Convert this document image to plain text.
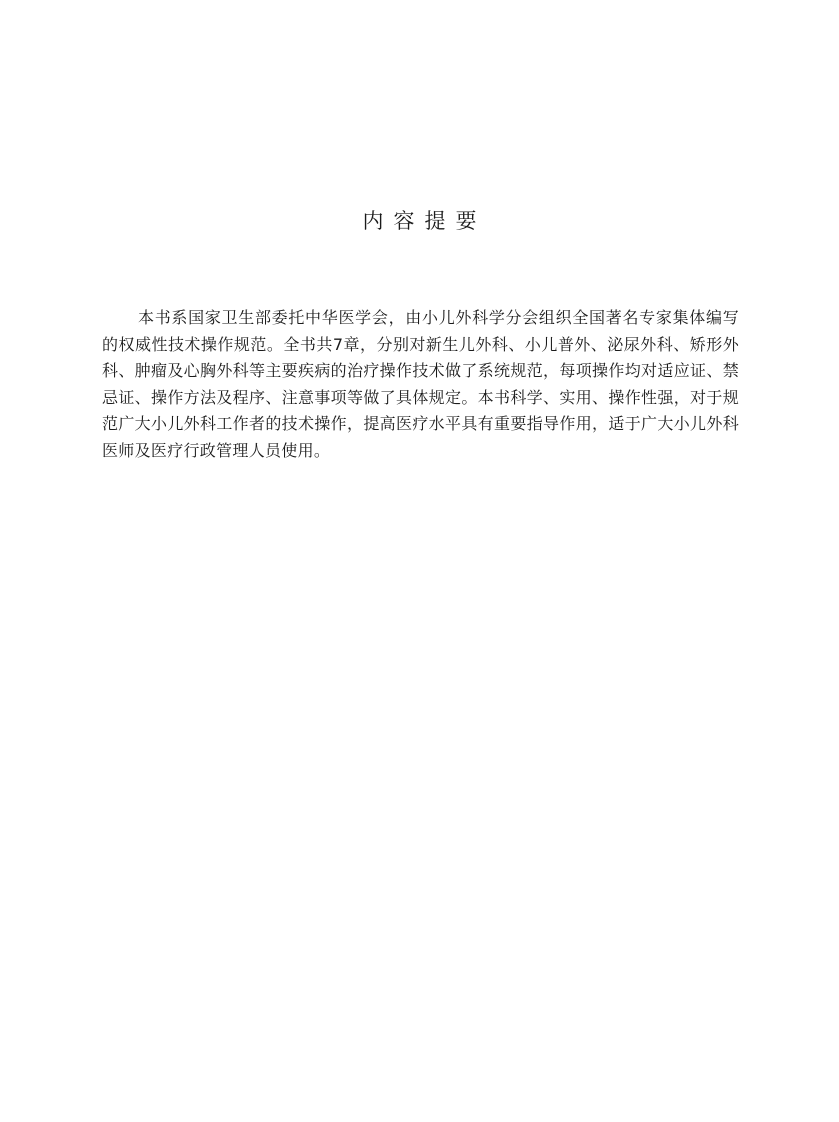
内容提要

本书系国家卫生部委托中华医学会，由小儿外科学分会组织全国著名专家集体编写的权威性技术操作规范。全书共7章，分别对新生儿外科、小儿普外、泌尿外科、矫形外科、肿瘤及心胸外科等主要疾病的治疗操作技术做了系统规范，每项操作均对适应证、禁忌证、操作方法及程序、注意事项等做了具体规定。本书科学、实用、操作性强，对于规范广大小儿外科工作者的技术操作，提高医疗水平具有重要指导作用，适于广大小儿外科医师及医疗行政管理人员使用。
